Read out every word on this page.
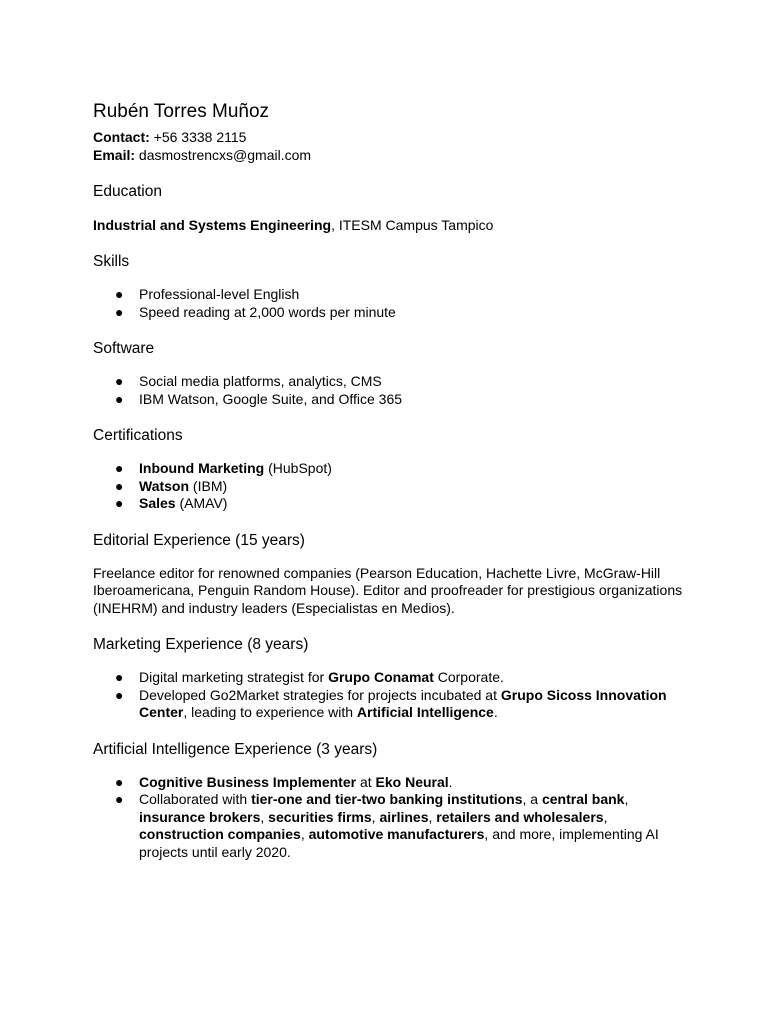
Rubén Torres Muñoz

Contact: +56 3338 2115

Email: dasmostrencxs@gmail.com

Education

Industrial and Systems Engineering, ITESM Campus Tampico

Skills
● Professional-level English
● Speed reading at 2,000 words per minute
Software
● Social media platforms, analytics, CMS
● IBM Watson, Google Suite, and Office 365
Certifications
● Inbound Marketing (HubSpot)
● Watson (IBM)
● Sales (AMAV)
Editorial Experience (15 years)

Freelance editor for renowned companies (Pearson Education, Hachette Livre, McGraw-Hill Iberoamericana, Penguin Random House). Editor and proofreader for prestigious organizations (INEHRM) and industry leaders (Especialistas en Medios).

Marketing Experience (8 years)
● Digital marketing strategist for Grupo Conamat Corporate.
● Developed Go2Market strategies for projects incubated at Grupo Sicoss Innovation Center, leading to experience with Artificial Intelligence.
Artificial Intelligence Experience (3 years)
● Cognitive Business Implementer at Eko Neural.
● Collaborated with tier-one and tier-two banking institutions, a central bank, insurance brokers, securities firms, airlines, retailers and wholesalers, construction companies, automotive manufacturers, and more, implementing AI projects until early 2020.
